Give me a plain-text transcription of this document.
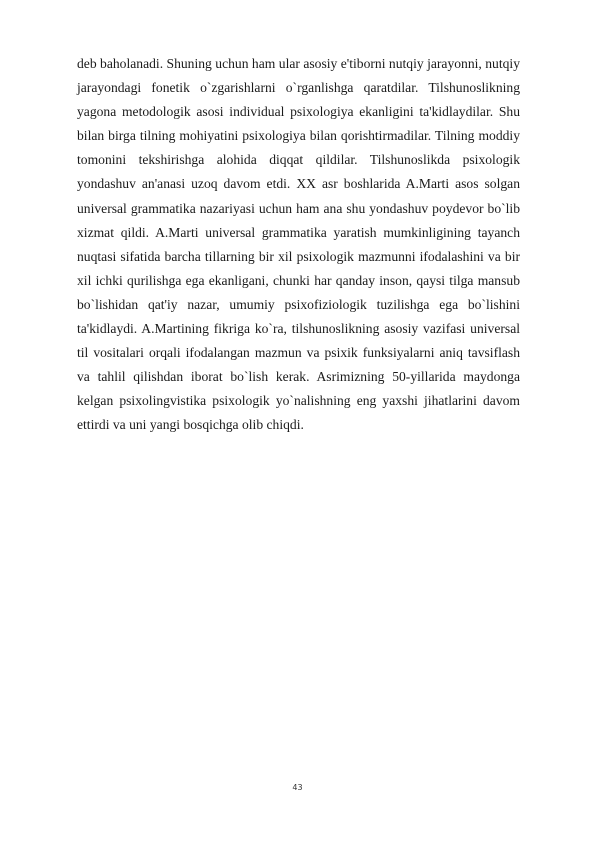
deb baholanadi. Shuning uchun ham ular asosiy e'tiborni nutqiy jarayonni, nutqiy jarayondagi fonetik o`zgarishlarni o`rganlishga qaratdilar. Tilshunoslikning yagona metodologik asosi individual psixologiya ekanligini ta'kidlaydilar. Shu bilan birga tilning mohiyatini psixologiya bilan qorishtirmadilar. Tilning moddiy tomonini tekshirishga alohida diqqat qildilar. Tilshunoslikda psixologik yondashuv an'anasi uzoq davom etdi. XX asr boshlarida A.Marti asos solgan universal grammatika nazariyasi uchun ham ana shu yondashuv poydevor bo`lib xizmat qildi. A.Marti universal grammatika yaratish mumkinligining tayanch nuqtasi sifatida barcha tillarning bir xil psixologik mazmunni ifodalashini va bir xil ichki qurilishga ega ekanligani, chunki har qanday inson, qaysi tilga mansub bo`lishidan qat'iy nazar, umumiy psixofiziologik tuzilishga ega bo`lishini ta'kidlaydi. A.Martining fikriga ko`ra, tilshunoslikning asosiy vazifasi universal til vositalari orqali ifodalangan mazmun va psixik funksiyalarni aniq tavsiflash va tahlil qilishdan iborat bo`lish kerak. Asrimizning 50-yillarida maydonga kelgan psixolingvistika psixologik yo`nalishning eng yaxshi jihatlarini davom ettirdi va uni yangi bosqichga olib chiqdi.

43
